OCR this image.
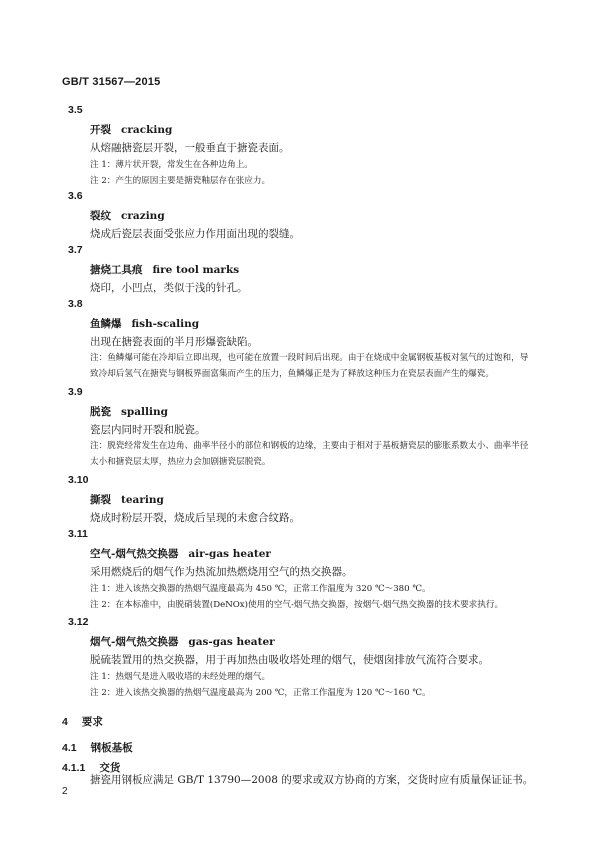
GB/T 31567—2015
3.5
开裂 cracking
从熔融搪瓷层开裂，一般垂直于搪瓷表面。
注 1：薄片状开裂，常发生在各种边角上。
注 2：产生的原因主要是搪瓷釉层存在张应力。
3.6
裂纹 crazing
烧成后瓷层表面受张应力作用面出现的裂缝。
3.7
搪烧工具痕 fire tool marks
烧印，小凹点，类似于浅的针孔。
3.8
鱼鳞爆 fish-scaling
出现在搪瓷表面的半月形爆瓷缺陷。
注：鱼鳞爆可能在冷却后立即出现，也可能在放置一段时间后出现。由于在烧成中金属钢板基板对氢气的过饱和，导致冷却后氢气在搪瓷与钢板界面富集而产生的压力，鱼鳞爆正是为了释放这种压力在瓷层表面产生的爆瓷。
3.9
脱瓷 spalling
瓷层内同时开裂和脱瓷。
注：脱瓷经常发生在边角、曲率半径小的部位和钢板的边缘，主要由于相对于基板搪瓷层的膨胀系数太小、曲率半径太小和搪瓷层太厚，热应力会加剧搪瓷层脱瓷。
3.10
撕裂 tearing
烧成时粉层开裂，烧成后呈现的未愈合纹路。
3.11
空气-烟气热交换器 air-gas heater
采用燃烧后的烟气作为热流加热燃烧用空气的热交换器。
注 1：进入该热交换器的热烟气温度最高为 450 ℃，正常工作温度为 320 ℃～380 ℃。
注 2：在本标准中，由脱硝装置(DeNOx)使用的空气-烟气热交换器，按烟气-烟气热交换器的技术要求执行。
3.12
烟气-烟气热交换器 gas-gas heater
脱硫装置用的热交换器，用于再加热由吸收塔处理的烟气，使烟囱排放气流符合要求。
注 1：热烟气是进入吸收塔的未经处理的烟气。
注 2：进入该热交换器的热烟气温度最高为 200 ℃，正常工作温度为 120 ℃～160 ℃。
4 要求
4.1 钢板基板
4.1.1 交货
搪瓷用钢板应满足 GB/T 13790—2008 的要求或双方协商的方案，交货时应有质量保证证书。
2
